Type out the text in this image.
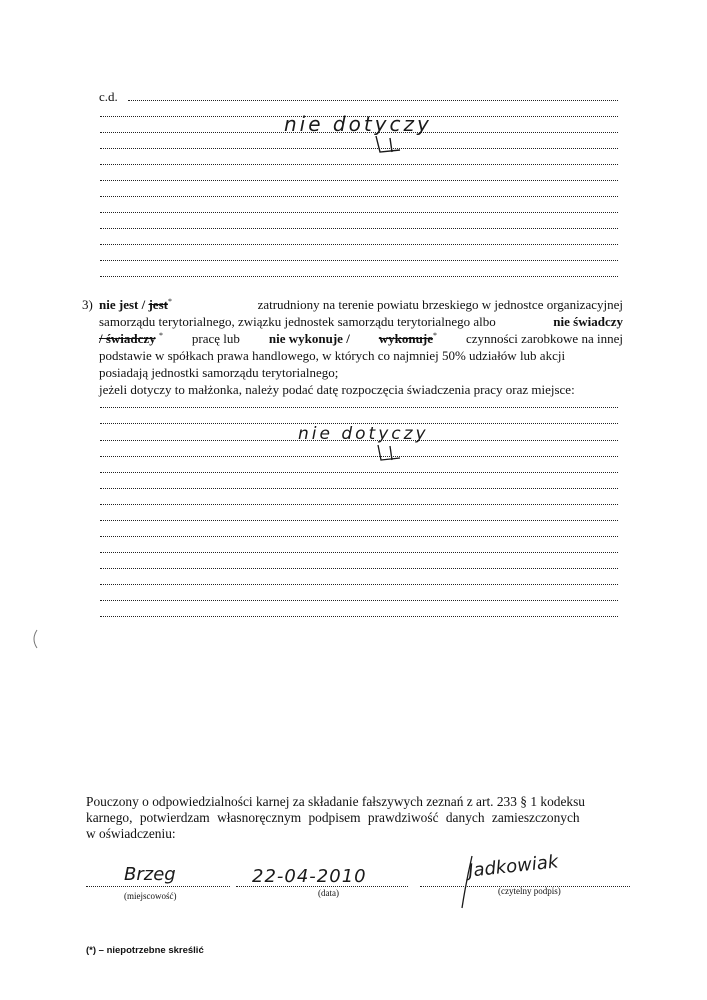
c.d.
nie dotyczy
3) nie jest / jest*	zatrudniony na terenie powiatu brzeskiego w jednostce organizacyjnej
samorządu terytorialnego, związku jednostek samorządu terytorialnego albo	nie świadczy
/ świadczy * pracę lub nie wykonuje / wykonuje* czynności zarobkowe na innej
podstawie w spółkach prawa handlowego, w których co najmniej 50% udziałów lub akcji
posiadają jednostki samorządu terytorialnego;
jeżeli dotyczy to małżonka, należy podać datę rozpoczęcia świadczenia pracy oraz miejsce:
nie dotyczy
Pouczony o odpowiedzialności karnej za składanie fałszywych zeznań z art. 233 § 1 kodeksu
karnego, potwierdzam własnoręcznym podpisem prawdziwość danych zamieszczonych
w oświadczeniu:
Brzeg	22-04-2010	Jadkowiak
(miejscowość)	(data)	(czytelny podpis)
(*) – niepotrzebne skreślić
